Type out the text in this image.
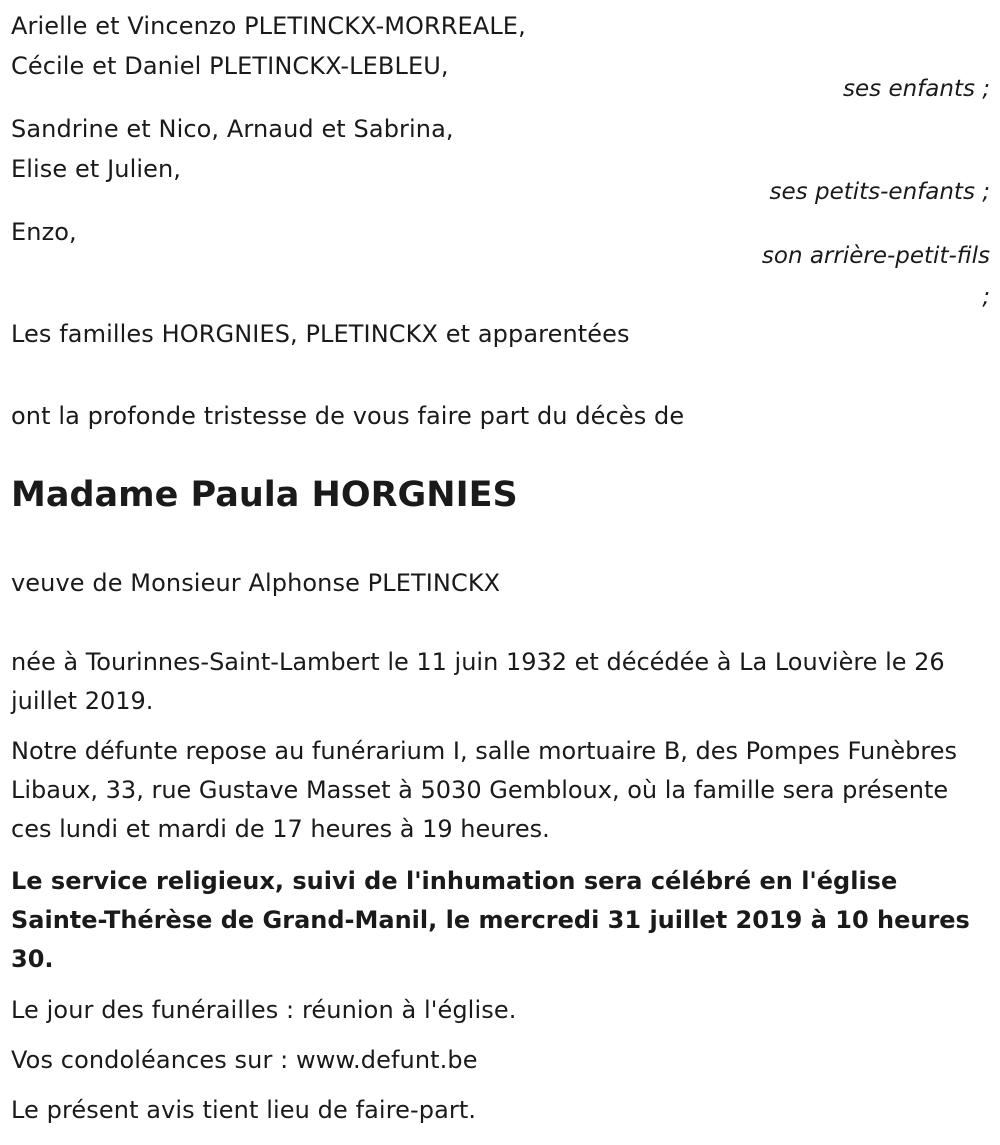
Arielle et Vincenzo PLETINCKX-MORREALE,
Cécile et Daniel PLETINCKX-LEBLEU,
ses enfants ;
Sandrine et Nico, Arnaud et Sabrina,
Elise et Julien,
ses petits-enfants ;
Enzo,
son arrière-petit-fils
;
Les familles HORGNIES, PLETINCKX et apparentées
ont la profonde tristesse de vous faire part du décès de
Madame Paula HORGNIES
veuve de Monsieur Alphonse PLETINCKX
née à Tourinnes-Saint-Lambert le 11 juin 1932 et décédée à La Louvière le 26 juillet 2019.
Notre défunte repose au funérarium I, salle mortuaire B, des Pompes Funèbres Libaux, 33, rue Gustave Masset à 5030 Gembloux, où la famille sera présente ces lundi et mardi de 17 heures à 19 heures.
Le service religieux, suivi de l'inhumation sera célébré en l'église Sainte-Thérèse de Grand-Manil, le mercredi 31 juillet 2019 à 10 heures 30.
Le jour des funérailles : réunion à l'église.
Vos condoléances sur : www.defunt.be
Le présent avis tient lieu de faire-part.
